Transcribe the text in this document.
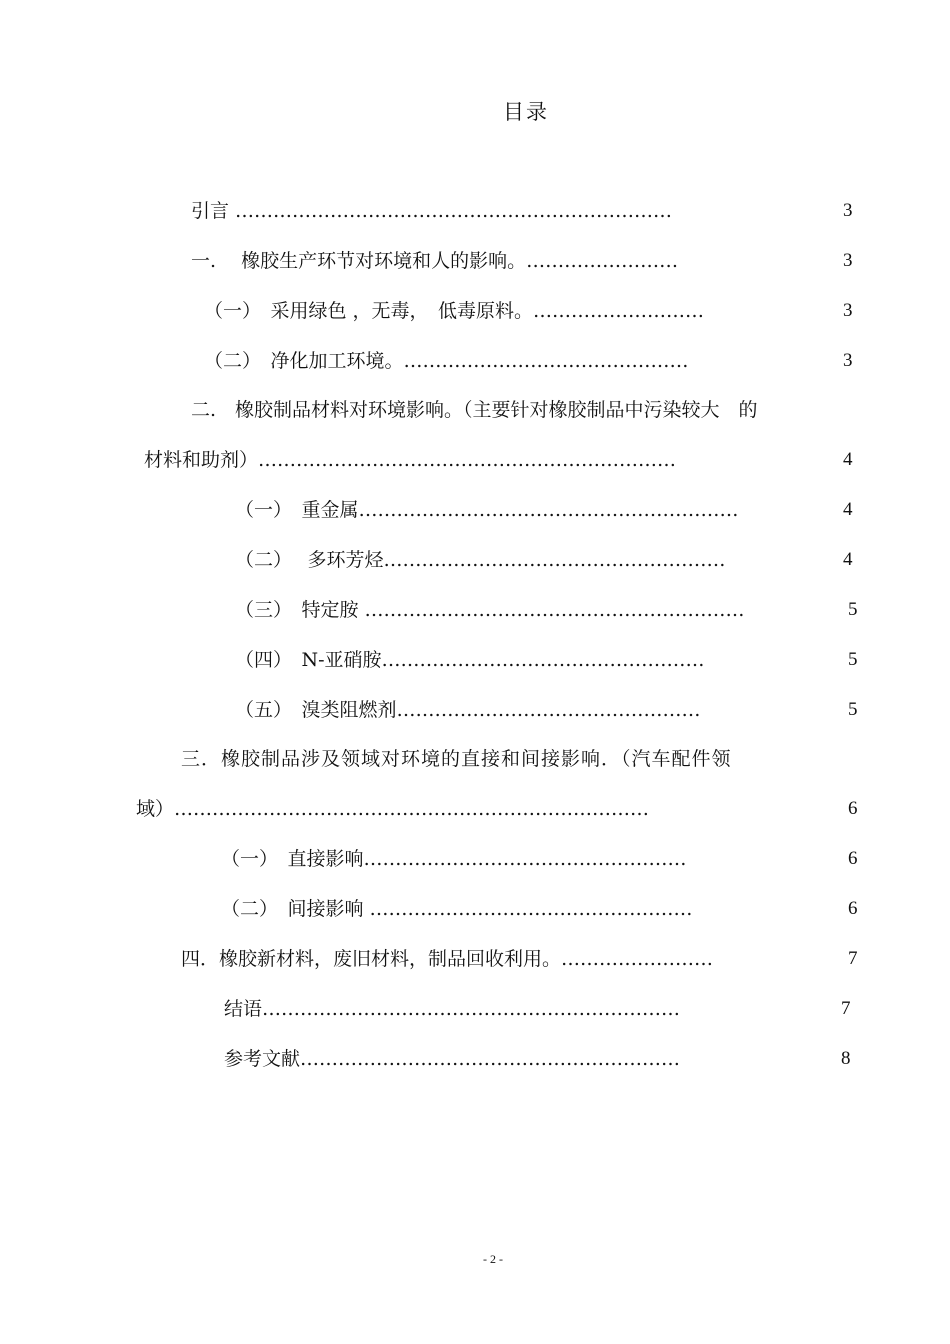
目录
引言 ……………………………………………………………	3
一.　 橡胶生产环节对环境和人的影响。……………………	3
（一）　采用绿色 ，无毒，　低毒原料。………………………	3
（二）　净化加工环境。………………………………………	3
二.　橡胶制品材料对环境影响。（主要针对橡胶制品中污染较大　的
材料和助剂）…………………………………………………………	4
（一）　重金属……………………………………………………	4
（二）　 多环芳烃………………………………………………	4
（三）　特定胺 ……………………………………………………	5
（四）　N-亚硝胺……………………………………………	5
（五）　溴类阻燃剂…………………………………………	5
三．橡胶制品涉及领域对环境的直接和间接影响．（汽车配件领
域）…………………………………………………………………	6
（一）　直接影响……………………………………………	6
（二）　间接影响 ……………………………………………	6
四．橡胶新材料，废旧材料，制品回收利用。……………………	7
结语…………………………………………………………	7
参考文献……………………………………………………	8
- 2 -
